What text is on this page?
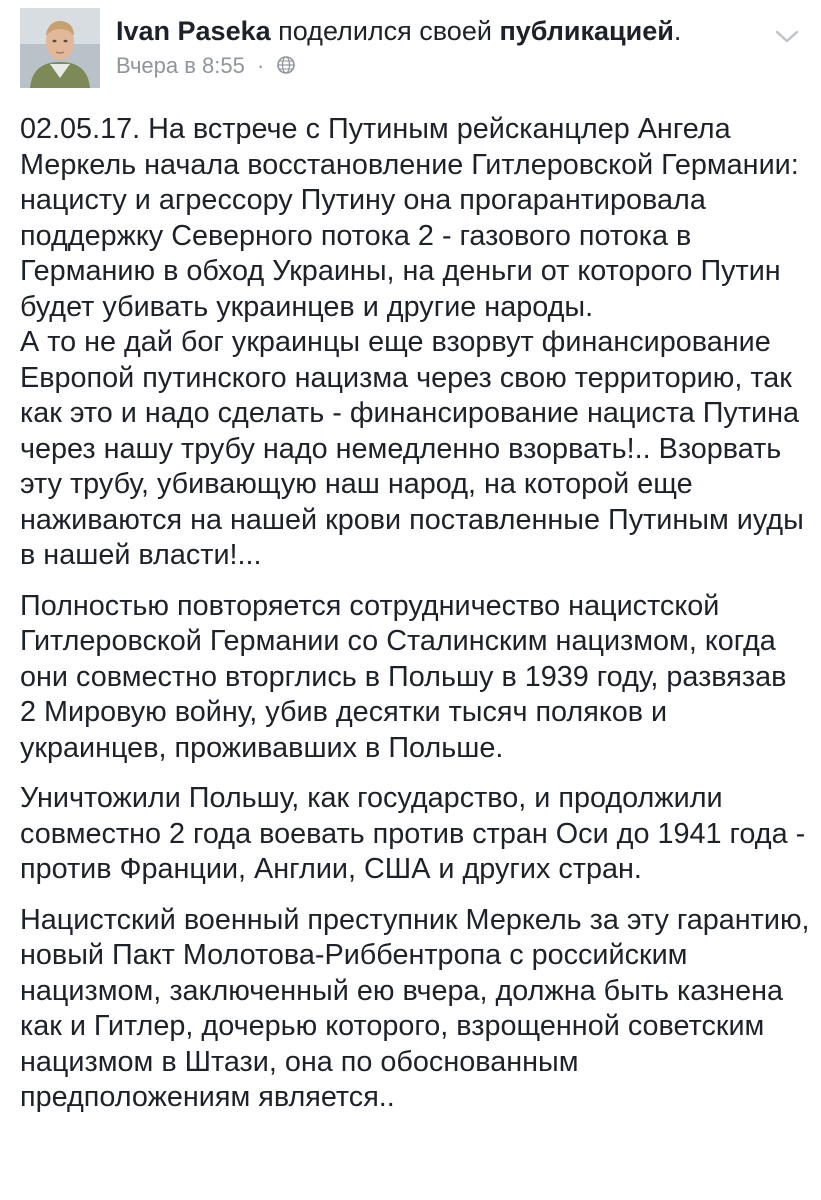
Ivan Paseka поделился своей публикацией.
Вчера в 8:55 ·

02.05.17. На встрече с Путиным рейсканцлер Ангела Меркель начала восстановление Гитлеровской Германии: нацисту и агрессору Путину она прогарантировала поддержку Северного потока 2 - газового потока в Германию в обход Украины, на деньги от которого Путин будет убивать украинцев и другие народы.

А то не дай бог украинцы еще взорвут финансирование Европой путинского нацизма через свою территорию, так как это и надо сделать - финансирование нациста Путина через нашу трубу надо немедленно взорвать!.. Взорвать эту трубу, убивающую наш народ, на которой еще наживаются на нашей крови поставленные Путиным иуды в нашей власти!...

Полностью повторяется сотрудничество нацистской Гитлеровской Германии со Сталинским нацизмом, когда они совместно вторглись в Польшу в 1939 году, развязав 2 Мировую войну, убив десятки тысяч поляков и украинцев, проживавших в Польше.

Уничтожили Польшу, как государство, и продолжили совместно 2 года воевать против стран Оси до 1941 года - против Франции, Англии, США и других стран.

Нацистский военный преступник Меркель за эту гарантию, новый Пакт Молотова-Риббентропа с российским нацизмом, заключенный ею вчера, должна быть казнена как и Гитлер, дочерью которого, взрощенной советским нацизмом в Штази, она по обоснованным предположениям является..
